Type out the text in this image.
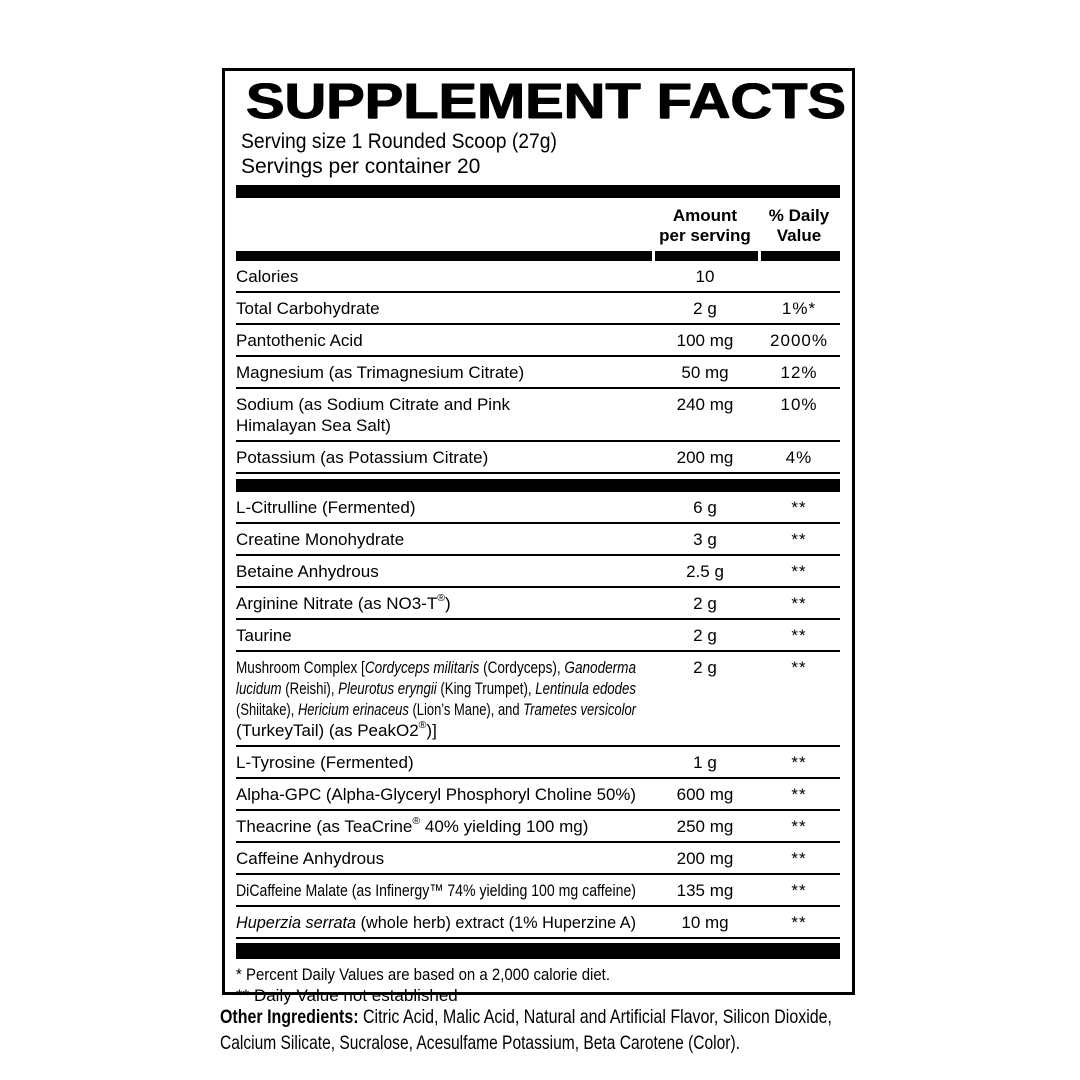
SUPPLEMENT FACTS
Serving size 1 Rounded Scoop (27g)
Servings per container 20
Amount
per serving
% Daily
Value
Calories	10
Total Carbohydrate	2 g	1%*
Pantothenic Acid	100 mg	2000%
Magnesium (as Trimagnesium Citrate)	50 mg	12%
Sodium (as Sodium Citrate and Pink
Himalayan Sea Salt)
240 mg	10%
Potassium (as Potassium Citrate)	200 mg	4%
L-Citrulline (Fermented)	6 g	**
Creatine Monohydrate	3 g	**
Betaine Anhydrous	2.5 g	**
Arginine Nitrate (as NO3-T®)	2 g	**
Taurine	2 g	**
Mushroom Complex [Cordyceps militaris (Cordyceps), Ganoderma
lucidum (Reishi), Pleurotus eryngii (King Trumpet), Lentinula edodes
(Shiitake), Hericium erinaceus (Lion’s Mane), and Trametes versicolor
(TurkeyTail) (as PeakO2®)]
2 g	**
L-Tyrosine (Fermented)	1 g	**
Alpha-GPC (Alpha-Glyceryl Phosphoryl Choline 50%)	600 mg	**
Theacrine (as TeaCrine® 40% yielding 100 mg)	250 mg	**
Caffeine Anhydrous	200 mg	**
DiCaffeine Malate (as Infinergy™ 74% yielding 100 mg caffeine)	135 mg	**
Huperzia serrata (whole herb) extract (1% Huperzine A)	10 mg	**
* Percent Daily Values are based on a 2,000 calorie diet.
** Daily Value not established
Other Ingredients: Citric Acid, Malic Acid, Natural and Artificial Flavor, Silicon Dioxide,
Calcium Silicate, Sucralose, Acesulfame Potassium, Beta Carotene (Color).
